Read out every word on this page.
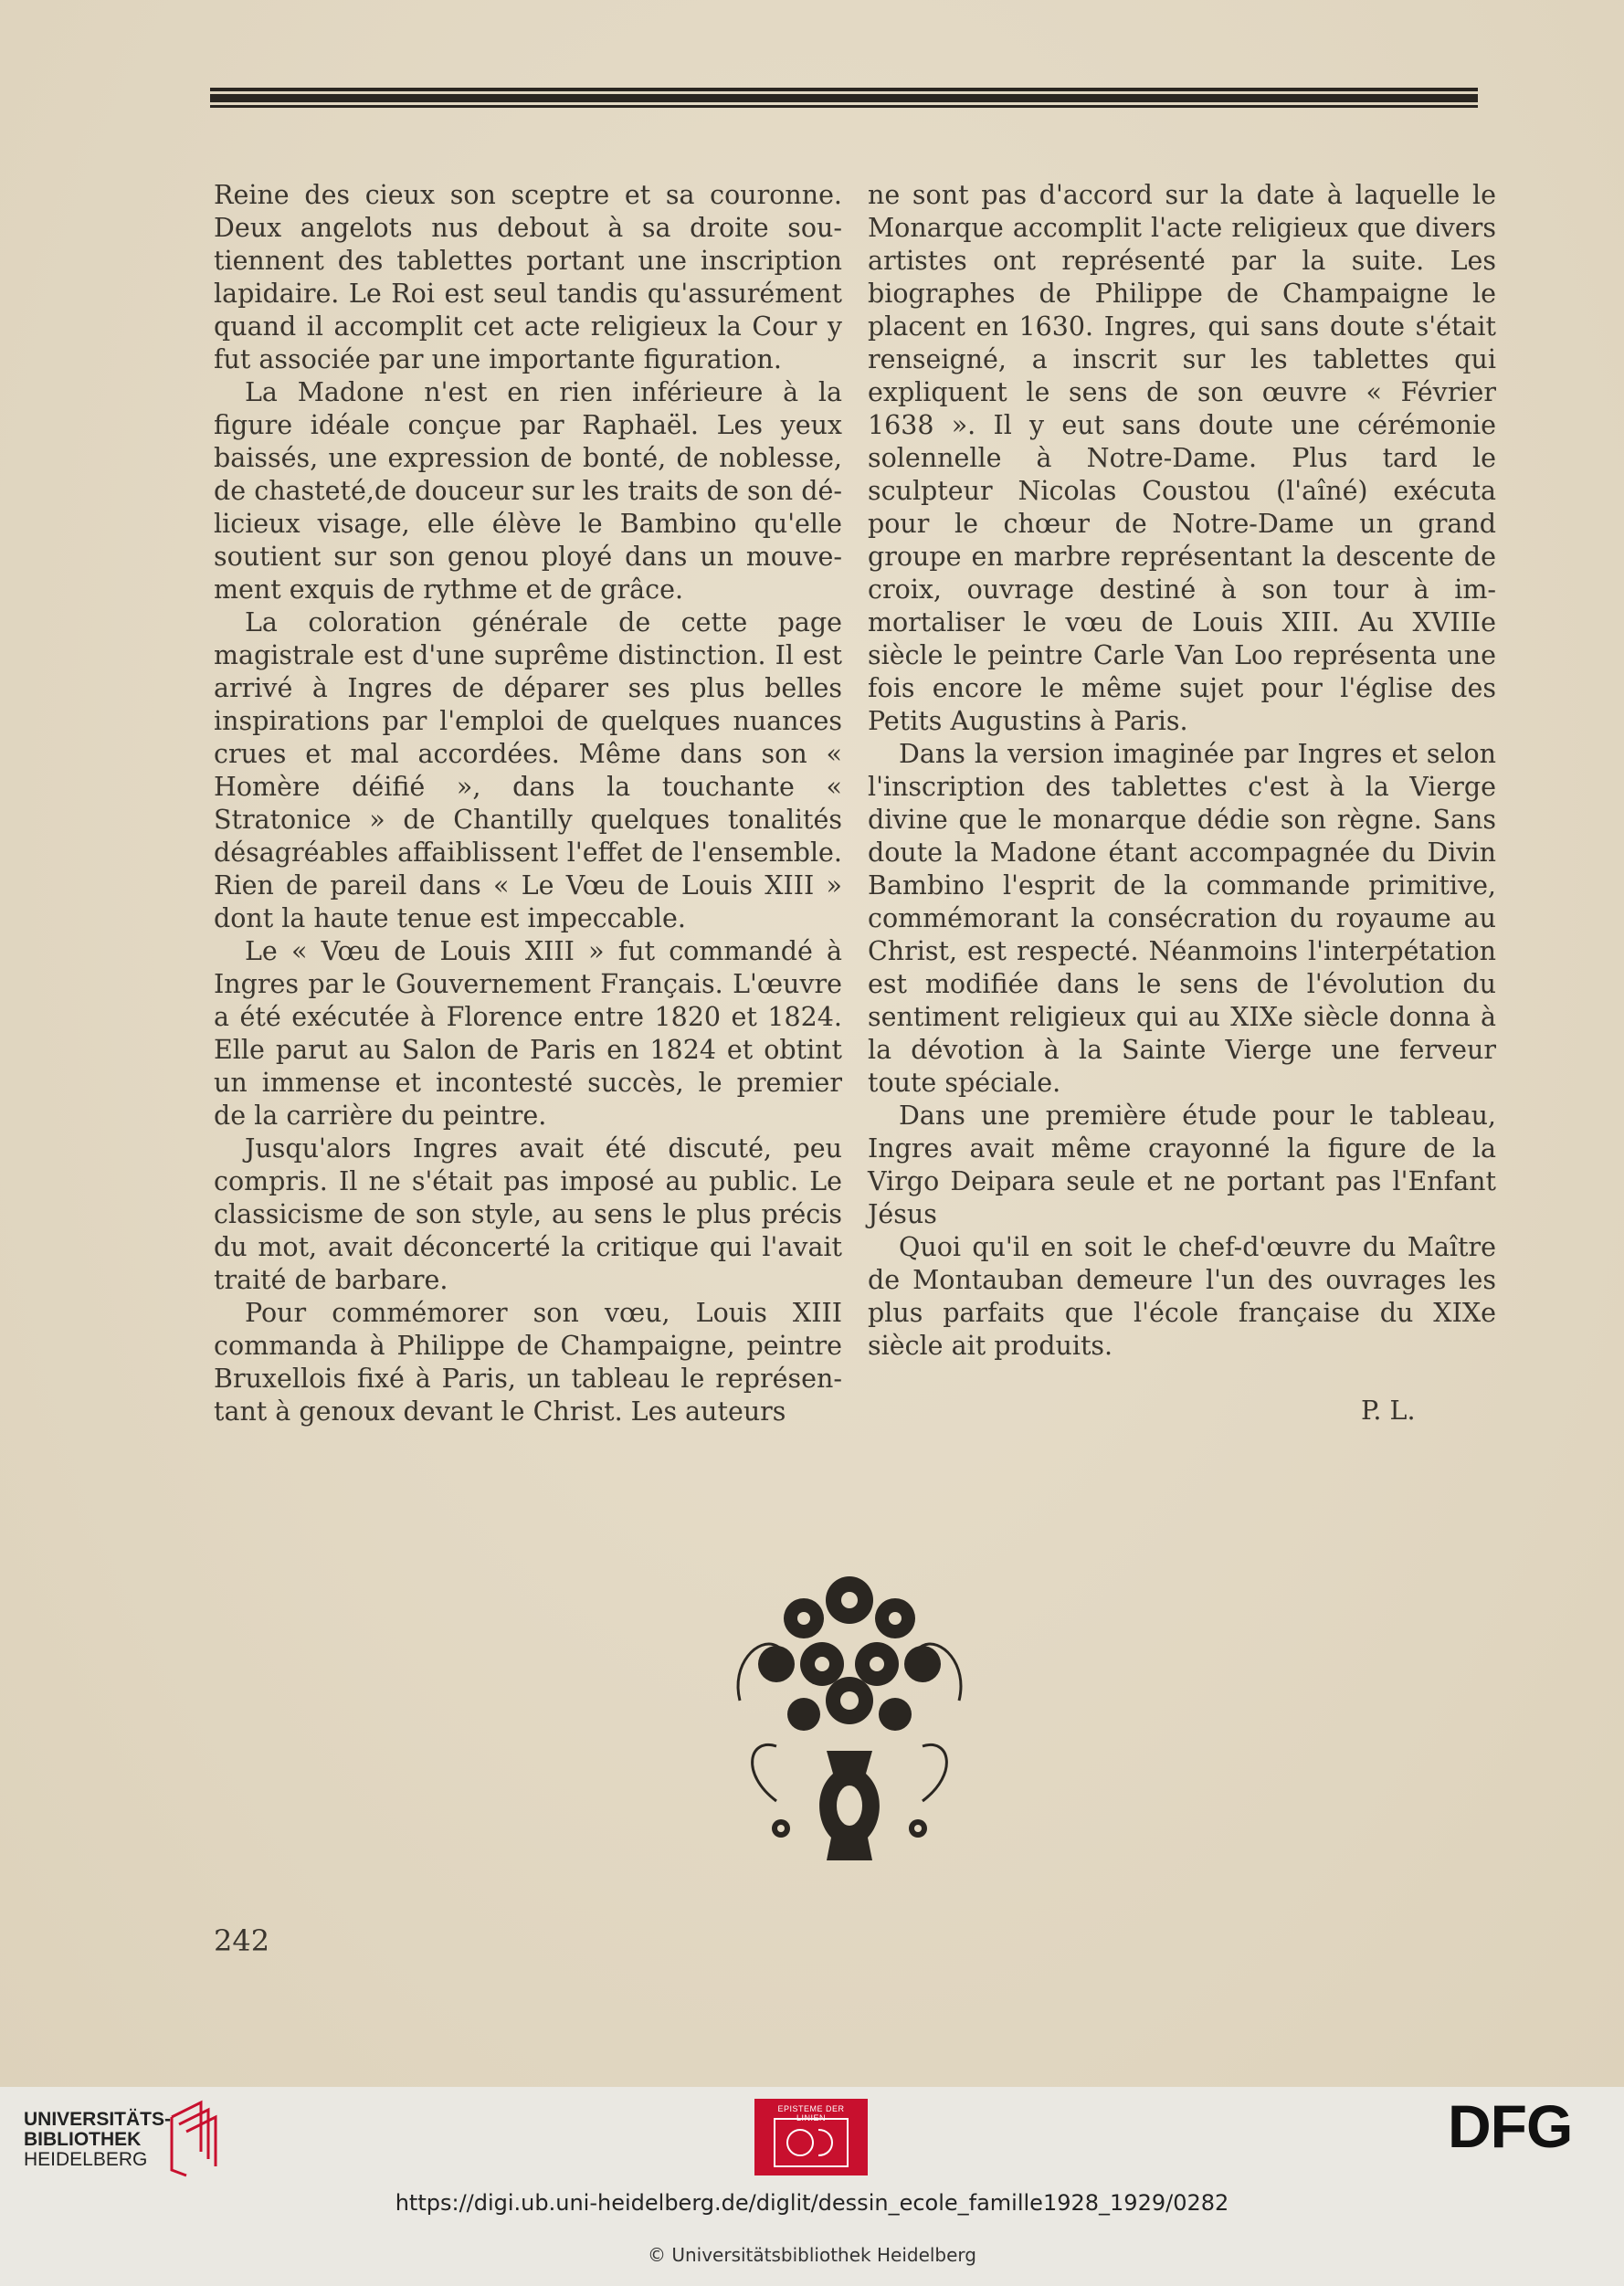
Reine des cieux son sceptre et sa couronne. Deux angelots nus debout à sa droite soutiennent des tablettes portant une inscription lapidaire. Le Roi est seul tandis qu'assurément quand il accomplit cet acte religieux la Cour y fut associée par une importante figuration.

La Madone n'est en rien inférieure à la figure idéale conçue par Raphaël. Les yeux baissés, une expression de bonté, de noblesse, de chasteté,de douceur sur les traits de son délicieux visage, elle élève le Bambino qu'elle soutient sur son genou ployé dans un mouvement exquis de rythme et de grâce.

La coloration générale de cette page magistrale est d'une suprême distinction. Il est arrivé à Ingres de déparer ses plus belles inspirations par l'emploi de quelques nuances crues et mal accordées. Même dans son « Homère déifié », dans la touchante « Stratonice » de Chantilly quelques tonalités désagréables affaiblissent l'effet de l'ensemble. Rien de pareil dans « Le Vœu de Louis XIII » dont la haute tenue est impeccable.

Le « Vœu de Louis XIII » fut commandé à Ingres par le Gouvernement Français. L'œuvre a été exécutée à Florence entre 1820 et 1824. Elle parut au Salon de Paris en 1824 et obtint un immense et incontesté succès, le premier de la carrière du peintre.

Jusqu'alors Ingres avait été discuté, peu compris. Il ne s'était pas imposé au public. Le classicisme de son style, au sens le plus précis du mot, avait déconcerté la critique qui l'avait traité de barbare.

Pour commémorer son vœu, Louis XIII commanda à Philippe de Champaigne, peintre Bruxellois fixé à Paris, un tableau le représentant à genoux devant le Christ. Les auteurs

ne sont pas d'accord sur la date à laquelle le Monarque accomplit l'acte religieux que divers artistes ont représenté par la suite. Les biographes de Philippe de Champaigne le placent en 1630. Ingres, qui sans doute s'était renseigné, a inscrit sur les tablettes qui expliquent le sens de son œuvre « Février 1638 ». Il y eut sans doute une cérémonie solennelle à Notre-Dame. Plus tard le sculpteur Nicolas Coustou (l'aîné) exécuta pour le chœur de Notre-Dame un grand groupe en marbre représentant la descente de croix, ouvrage destiné à son tour à immortaliser le vœu de Louis XIII. Au XVIIIe siècle le peintre Carle Van Loo représenta une fois encore le même sujet pour l'église des Petits Augustins à Paris.

Dans la version imaginée par Ingres et selon l'inscription des tablettes c'est à la Vierge divine que le monarque dédie son règne. Sans doute la Madone étant accompagnée du Divin Bambino l'esprit de la commande primitive, commémorant la consécration du royaume au Christ, est respecté. Néanmoins l'interpétation est modifiée dans le sens de l'évolution du sentiment religieux qui au XIXe siècle donna à la dévotion à la Sainte Vierge une ferveur toute spéciale.

Dans une première étude pour le tableau, Ingres avait même crayonné la figure de la Virgo Deipara seule et ne portant pas l'Enfant Jésus

Quoi qu'il en soit le chef-d'œuvre du Maître de Montauban demeure l'un des ouvrages les plus parfaits que l'école française du XIXe siècle ait produits.

P. L.
242
UNIVERSITÄTS-
BIBLIOTHEK
HEIDELBERG
EPISTEME DER LINIEN	DFG
https://digi.ub.uni-heidelberg.de/diglit/dessin_ecole_famille1928_1929/0282
© Universitätsbibliothek Heidelberg
